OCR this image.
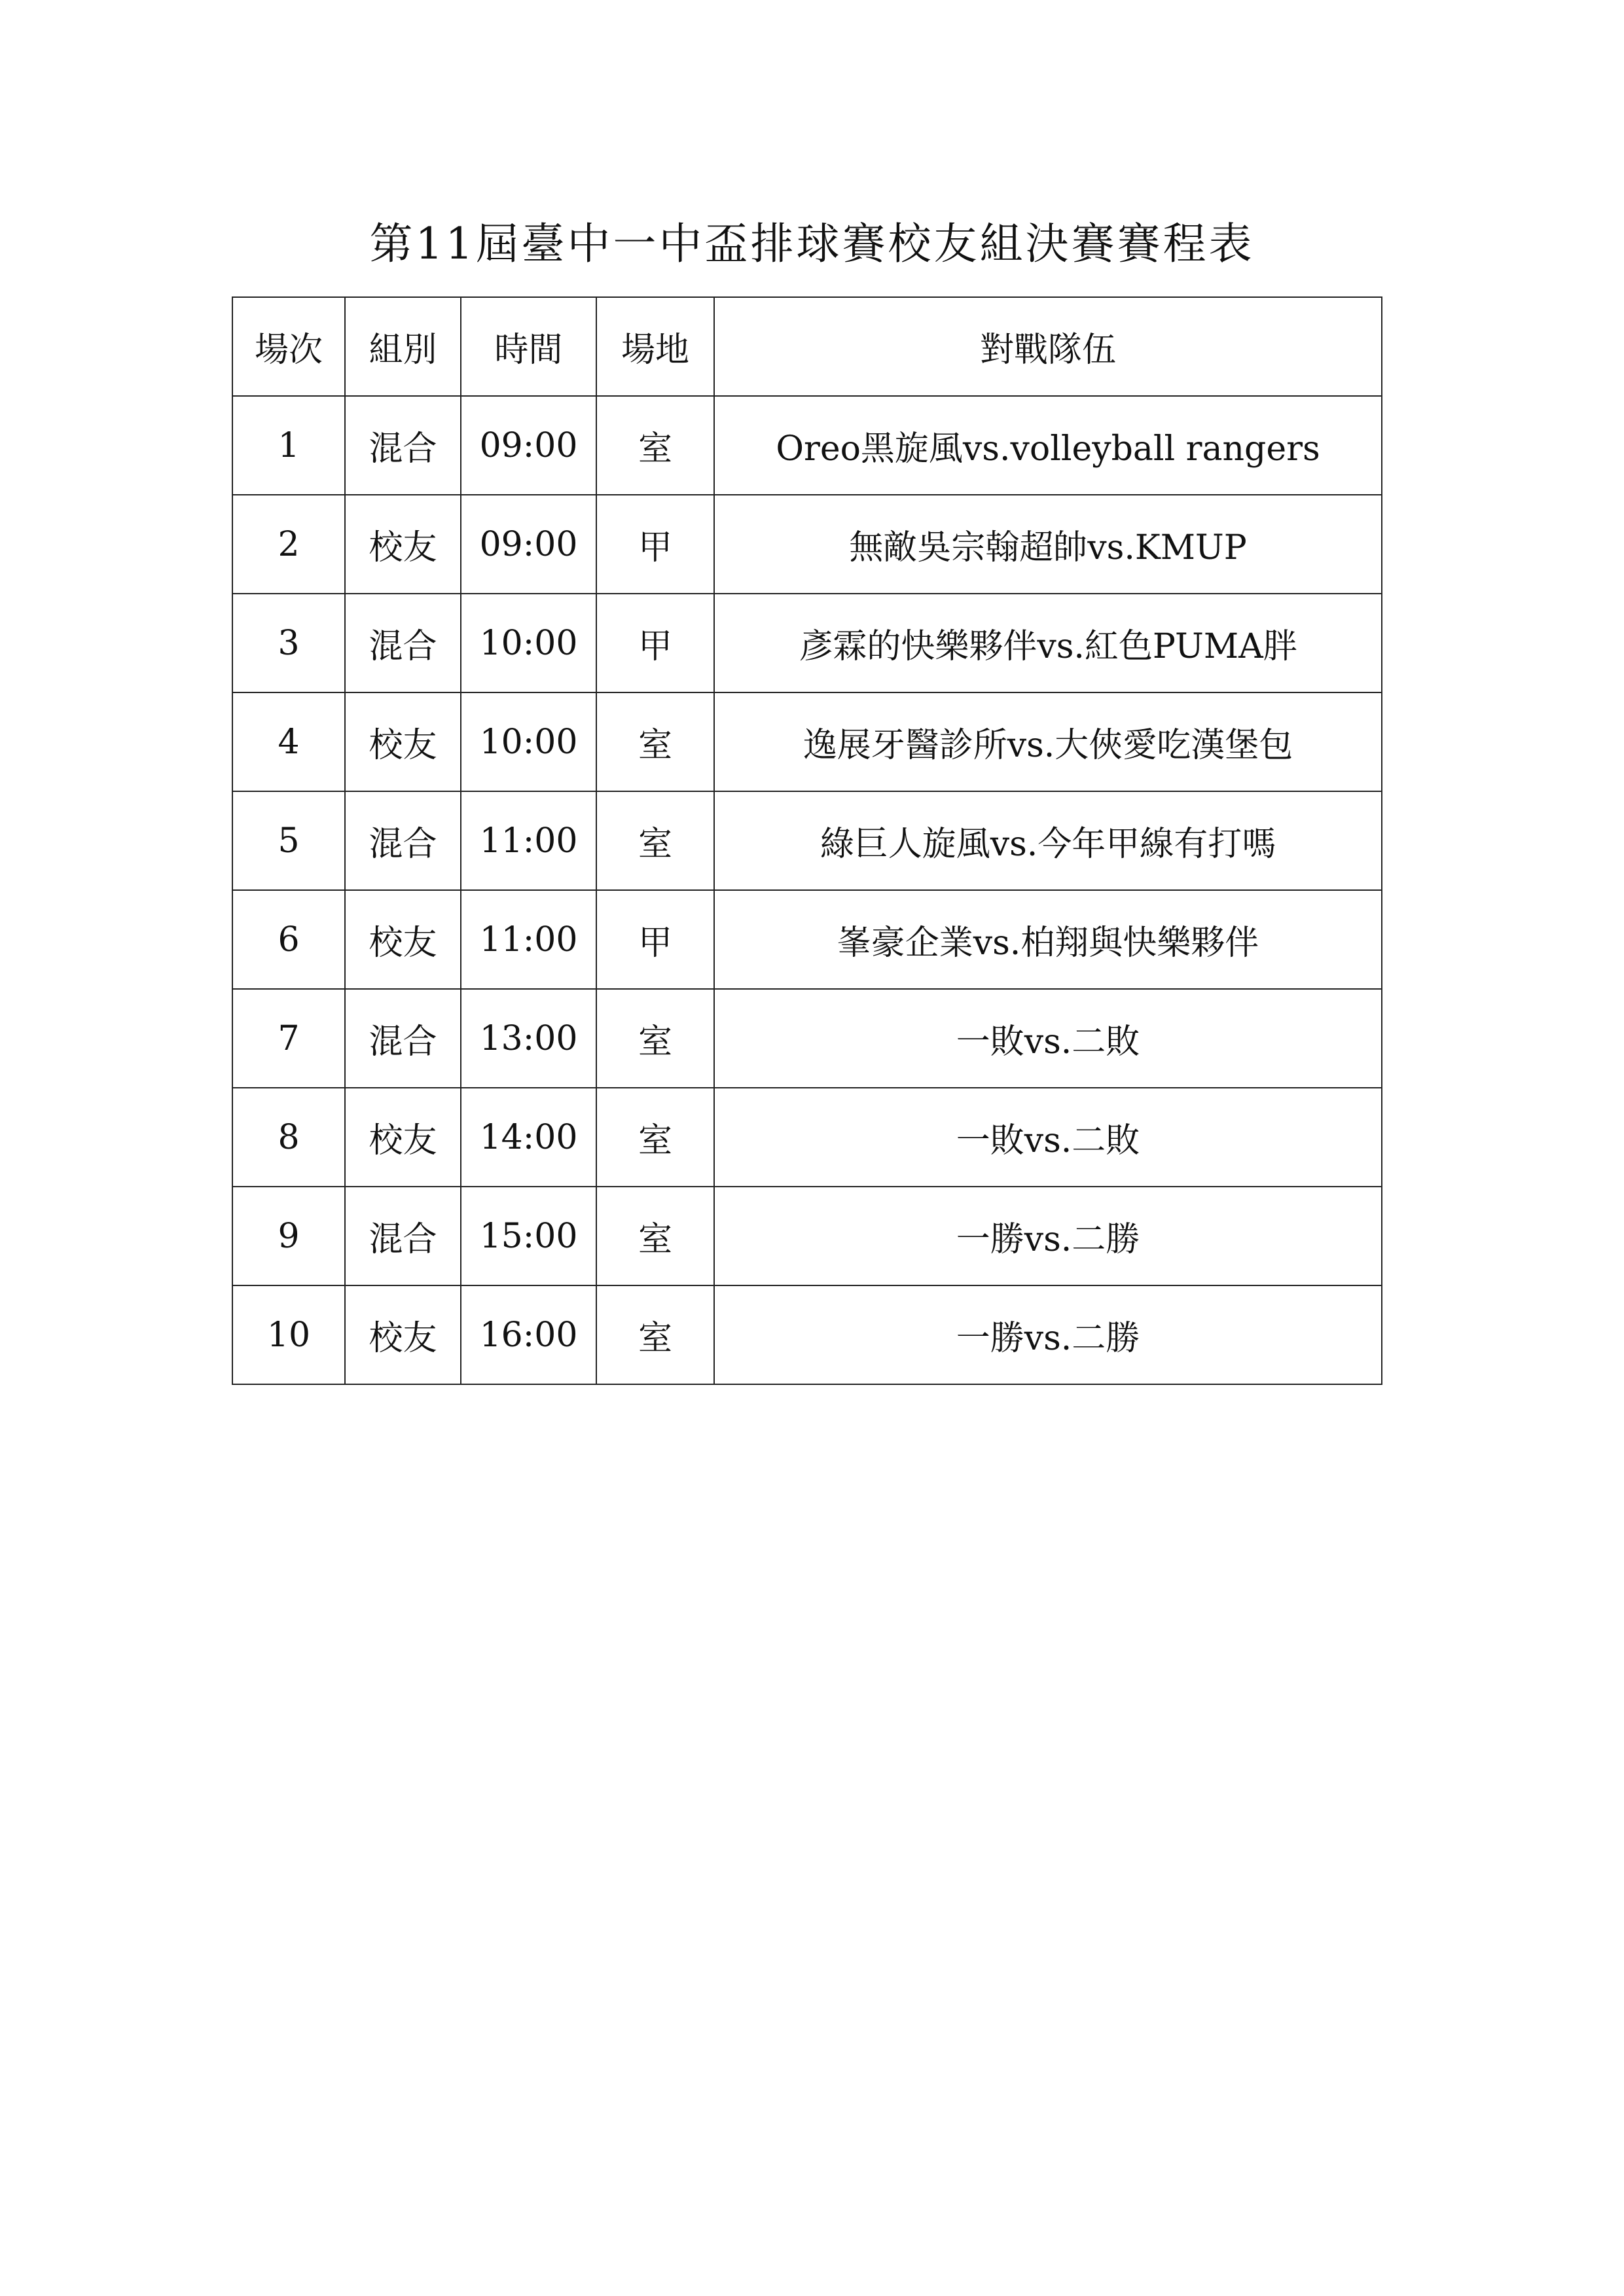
第11屆臺中一中盃排球賽校友組決賽賽程表
場次	組別	時間	場地	對戰隊伍
1	混合	09:00	室	Oreo黑旋風vs.volleyball rangers
2	校友	09:00	甲	無敵吳宗翰超帥vs.KMUP
3	混合	10:00	甲	彥霖的快樂夥伴vs.紅色PUMA胖
4	校友	10:00	室	逸展牙醫診所vs.大俠愛吃漢堡包
5	混合	11:00	室	綠巨人旋風vs.今年甲線有打嗎
6	校友	11:00	甲	峯豪企業vs.柏翔與快樂夥伴
7	混合	13:00	室	一敗vs.二敗
8	校友	14:00	室	一敗vs.二敗
9	混合	15:00	室	一勝vs.二勝
10	校友	16:00	室	一勝vs.二勝
